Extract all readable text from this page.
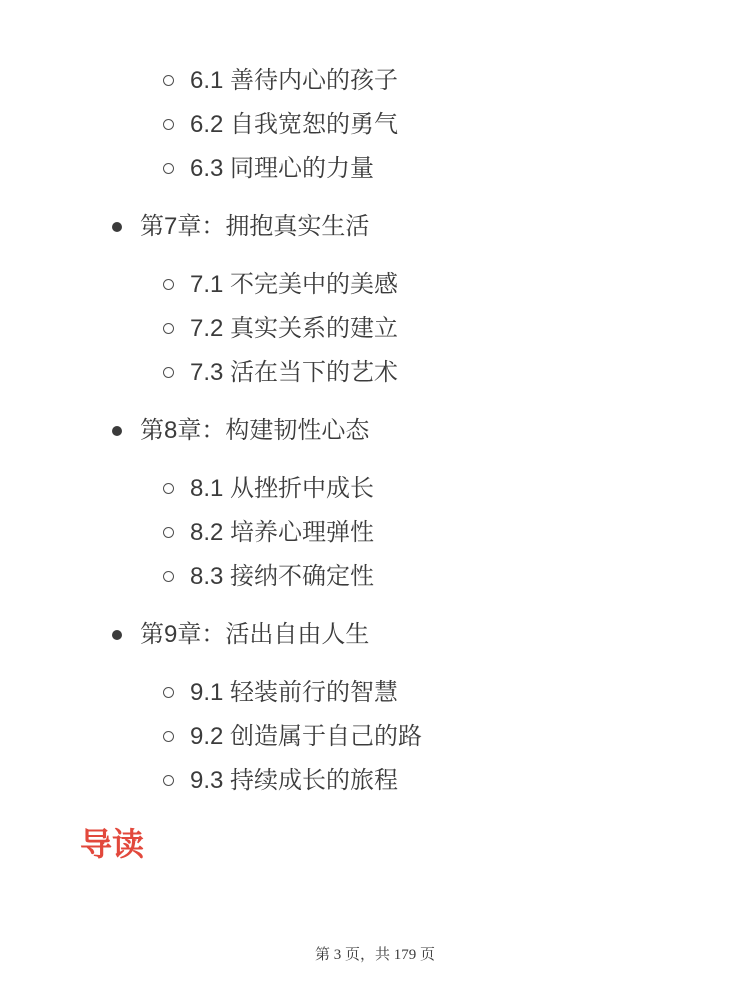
6.1 善待内心的孩子
6.2 自我宽恕的勇气
6.3 同理心的力量
第7章：拥抱真实生活
7.1 不完美中的美感
7.2 真实关系的建立
7.3 活在当下的艺术
第8章：构建韧性心态
8.1 从挫折中成长
8.2 培养心理弹性
8.3 接纳不确定性
第9章：活出自由人生
9.1 轻装前行的智慧
9.2 创造属于自己的路
9.3 持续成长的旅程
导读
第 3 页，共 179 页
